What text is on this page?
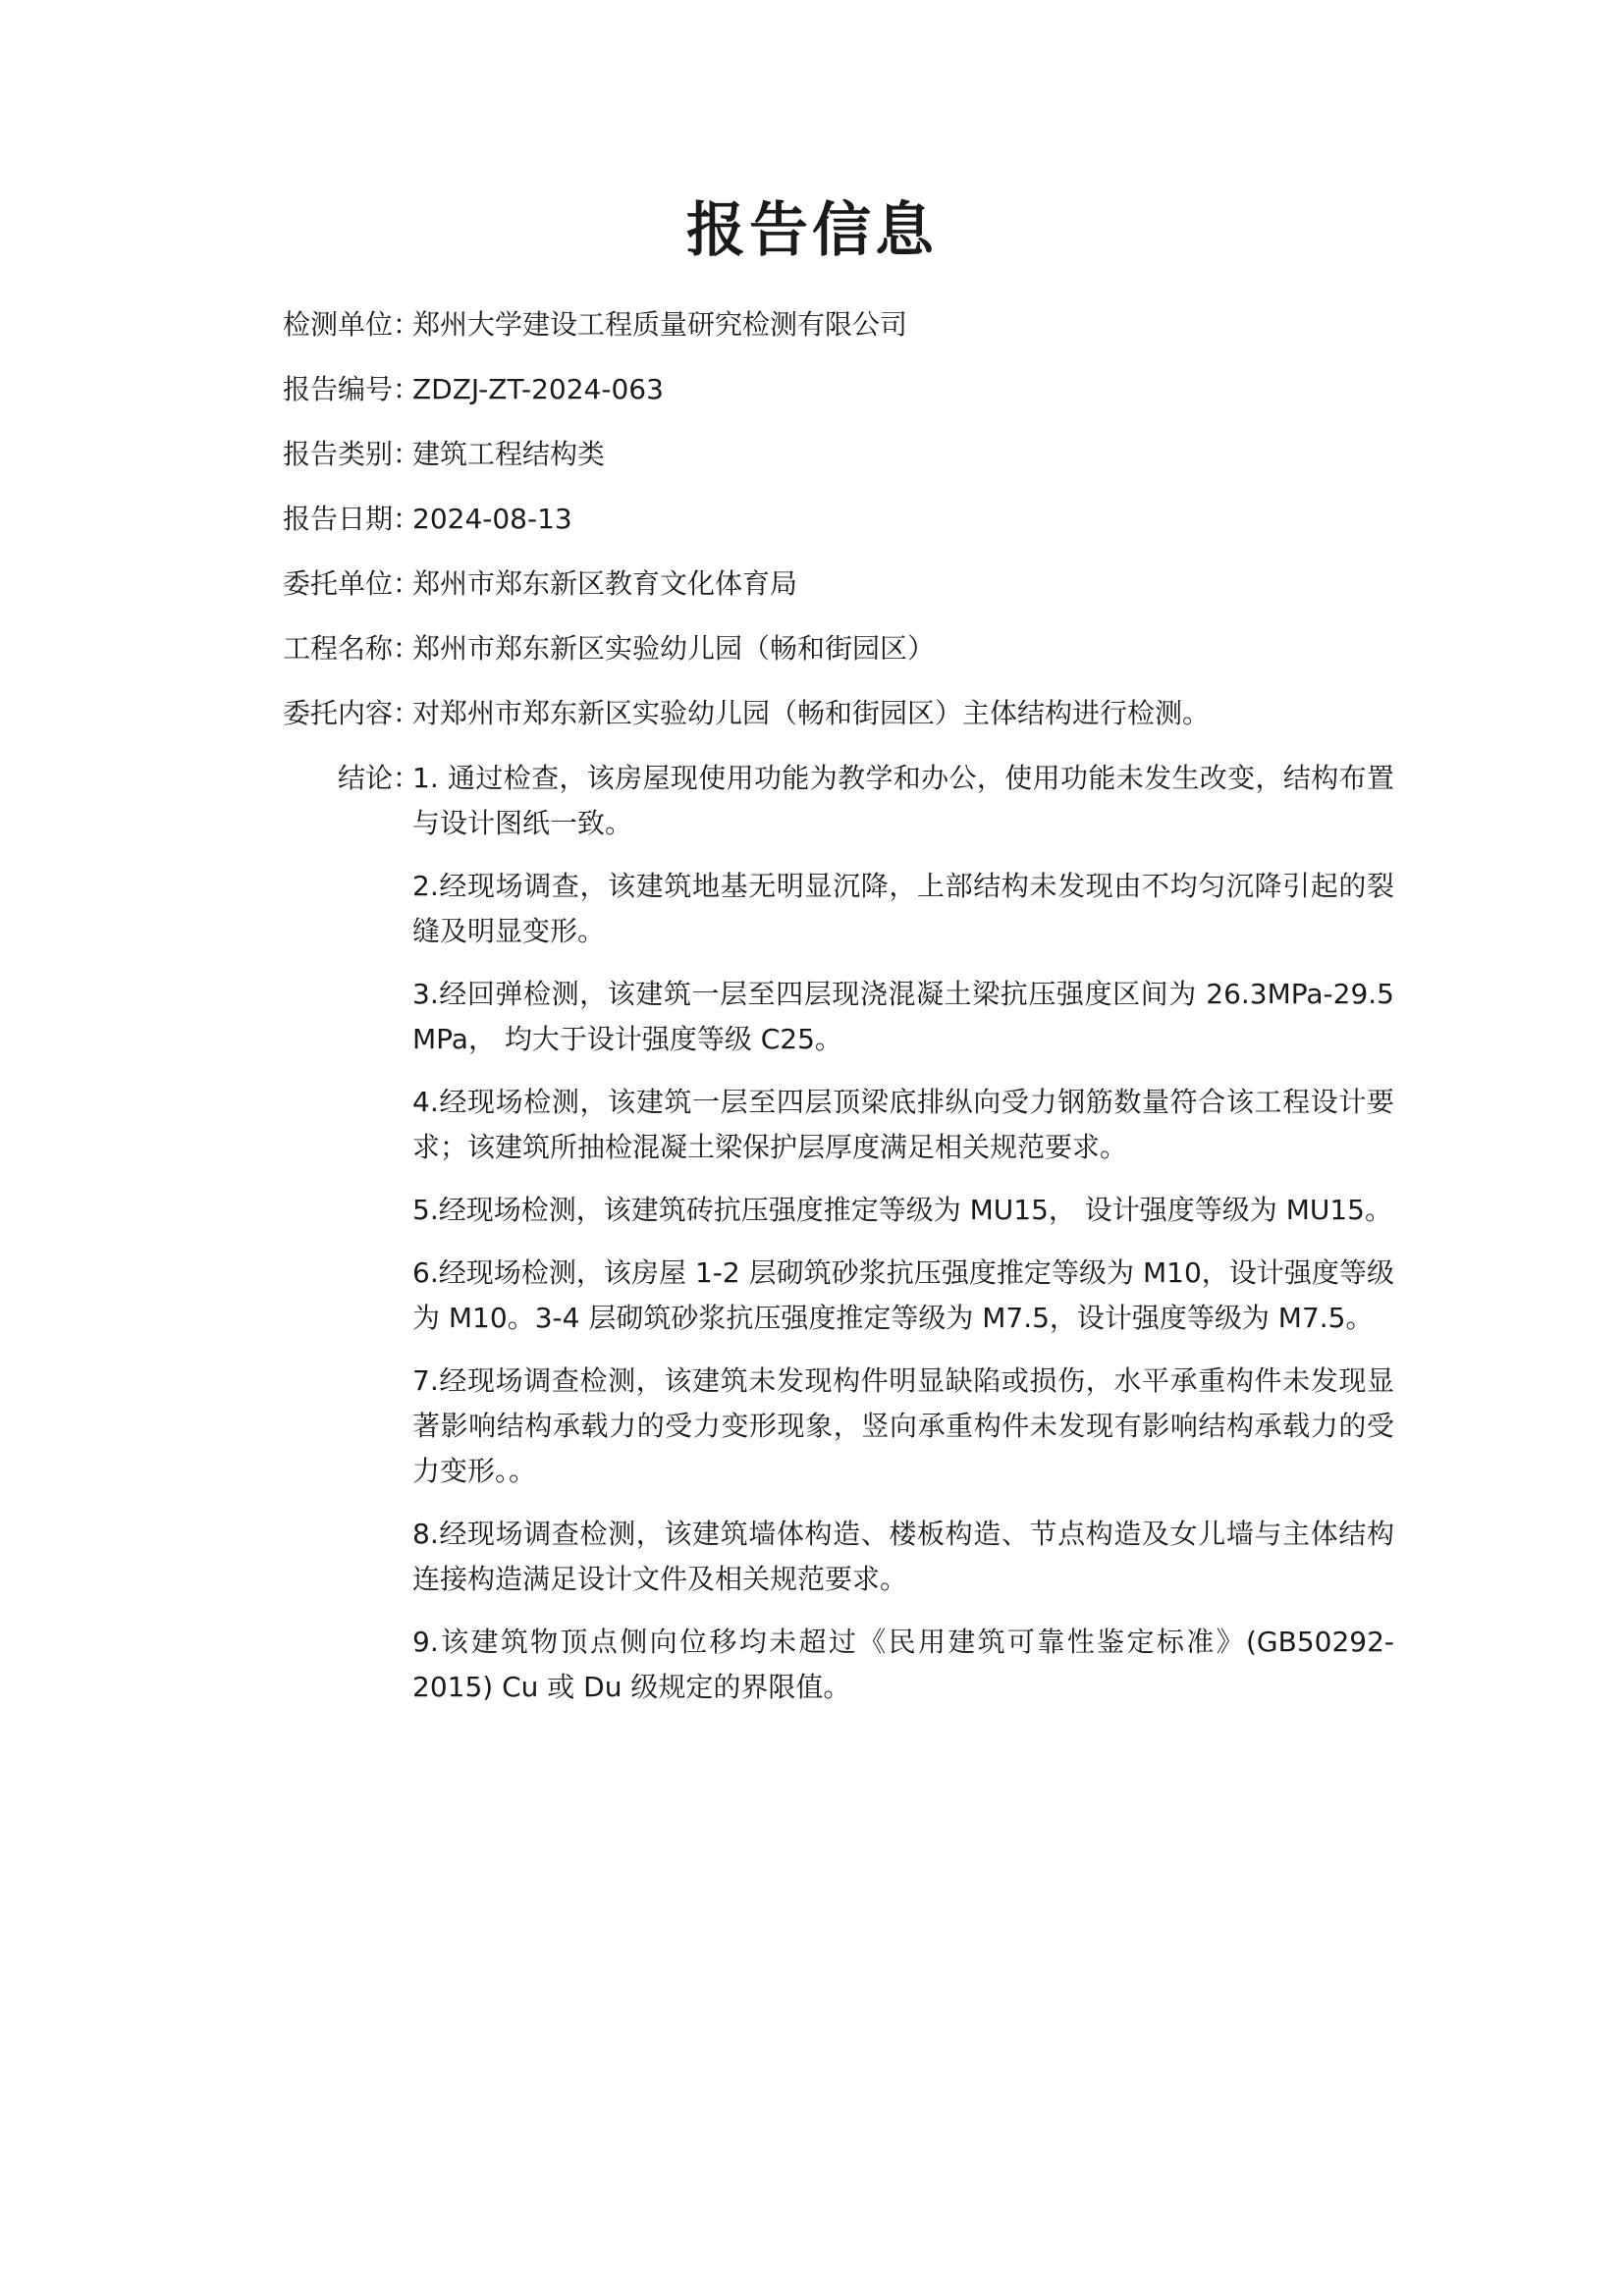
报告信息
检测单位 ：
郑州大学建设工程质量研究检测有限公司
报告编号 ：
ZDZJ-ZT-2024-063
报告类别 ：
建筑工程结构类
报告日期 ：
2024-08-13
委托单位 ：
郑州市郑东新区教育文化体育局
工程名称 ：
郑州市郑东新区实验幼儿园（畅和街园区）
委托内容 ：
对郑州市郑东新区实验幼儿园（畅和街园区）主体结构进行检测。
结论 ：

1. 通过检查，该房屋现使用功能为教学和办公，使用功能未发生改变，结构布置与设计图纸一致。

2.经现场调查，该建筑地基无明显沉降，上部结构未发现由不均匀沉降引起的裂缝及明显变形。

3.经回弹检测，该建筑一层至四层现浇混凝土梁抗压强度区间为 26.3MPa-29.5 MPa， 均大于设计强度等级 C25。

4.经现场检测，该建筑一层至四层顶梁底排纵向受力钢筋数量符合该工程设计要求；该建筑所抽检混凝土梁保护层厚度满足相关规范要求。

5.经现场检测，该建筑砖抗压强度推定等级为 MU15， 设计强度等级为 MU15。

6.经现场检测，该房屋 1-2 层砌筑砂浆抗压强度推定等级为 M10，设计强度等级为 M10。3-4 层砌筑砂浆抗压强度推定等级为 M7.5，设计强度等级为 M7.5。

7.经现场调查检测，该建筑未发现构件明显缺陷或损伤，水平承重构件未发现显著影响结构承载力的受力变形现象，竖向承重构件未发现有影响结构承载力的受力变形。。

8.经现场调查检测，该建筑墙体构造、楼板构造、节点构造及女儿墙与主体结构连接构造满足设计文件及相关规范要求。

9.该建筑物顶点侧向位移均未超过《民用建筑可靠性鉴定标准》(GB50292-2015) Cu 或 Du 级规定的界限值。
